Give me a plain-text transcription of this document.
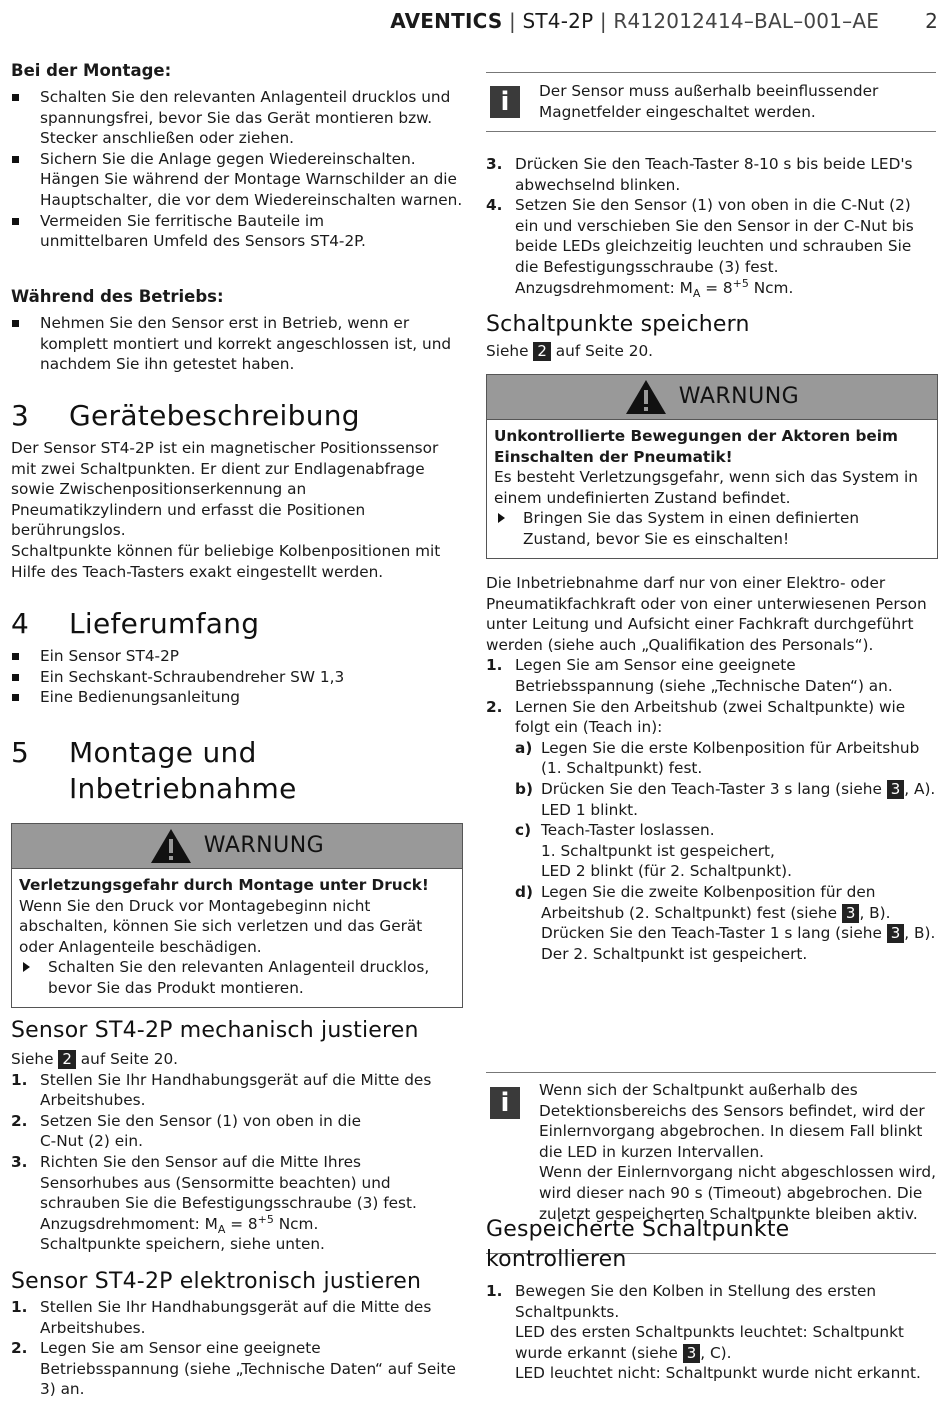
AVENTICS | ST4-2P | R412012414–BAL–001–AE 2
Bei der Montage:
Schalten Sie den relevanten Anlagenteil drucklos und spannungsfrei, bevor Sie das Gerät montieren bzw. Stecker anschließen oder ziehen.
Sichern Sie die Anlage gegen Wiedereinschalten. Hängen Sie während der Montage Warnschilder an die Hauptschalter, die vor dem Wiedereinschalten warnen.
Vermeiden Sie ferritische Bauteile im unmittelbaren Umfeld des Sensors ST4-2P.
Während des Betriebs:
Nehmen Sie den Sensor erst in Betrieb, wenn er komplett montiert und korrekt angeschlossen ist, und nachdem Sie ihn getestet haben.
3 Gerätebeschreibung
Der Sensor ST4-2P ist ein magnetischer Positionssensor mit zwei Schaltpunkten. Er dient zur Endlagenabfrage sowie Zwischenpositionserkennung an Pneumatikzylindern und erfasst die Positionen berührungslos.
Schaltpunkte können für beliebige Kolbenpositionen mit Hilfe des Teach-Tasters exakt eingestellt werden.
4 Lieferumfang
Ein Sensor ST4-2P
Ein Sechskant-Schraubendreher SW 1,3
Eine Bedienungsanleitung
5 Montage und
Inbetriebnahme
WARNUNG
Verletzungsgefahr durch Montage unter Druck!
Wenn Sie den Druck vor Montagebeginn nicht abschalten, können Sie sich verletzen und das Gerät oder Anlagenteile beschädigen.
Schalten Sie den relevanten Anlagenteil drucklos, bevor Sie das Produkt montieren.
Sensor ST4-2P mechanisch justieren
Siehe 2 auf Seite 20.
1. Stellen Sie Ihr Handhabungsgerät auf die Mitte des Arbeitshubes.
2. Setzen Sie den Sensor (1) von oben in die C-Nut (2) ein.
3. Richten Sie den Sensor auf die Mitte Ihres Sensorhubes aus (Sensormitte beachten) und schrauben Sie die Befestigungsschraube (3) fest.
Anzugsdrehmoment: $M_A = 8^{+5}$ Ncm.
Schaltpunkte speichern, siehe unten.
Sensor ST4-2P elektronisch justieren
1. Stellen Sie Ihr Handhabungsgerät auf die Mitte des Arbeitshubes.
2. Legen Sie am Sensor eine geeignete Betriebsspannung (siehe „Technische Daten“ auf Seite 3) an.
i	Der Sensor muss außerhalb beeinflussender Magnetfelder eingeschaltet werden.
3. Drücken Sie den Teach-Taster 8-10 s bis beide LED's abwechselnd blinken.
4. Setzen Sie den Sensor (1) von oben in die C-Nut (2) ein und verschieben Sie den Sensor in der C-Nut bis beide LEDs gleichzeitig leuchten und schrauben Sie die Befestigungsschraube (3) fest.
Anzugsdrehmoment: $M_A = 8^{+5}$ Ncm.
Schaltpunkte speichern
Siehe 2 auf Seite 20.
WARNUNG
Unkontrollierte Bewegungen der Aktoren beim Einschalten der Pneumatik!
Es besteht Verletzungsgefahr, wenn sich das System in einem undefinierten Zustand befindet.
Bringen Sie das System in einen definierten Zustand, bevor Sie es einschalten!
Die Inbetriebnahme darf nur von einer Elektro- oder Pneumatikfachkraft oder von einer unterwiesenen Person unter Leitung und Aufsicht einer Fachkraft durchgeführt werden (siehe auch „Qualifikation des Personals“).
1. Legen Sie am Sensor eine geeignete Betriebsspannung (siehe „Technische Daten“) an.
2. Lernen Sie den Arbeitshub (zwei Schaltpunkte) wie folgt ein (Teach in):
a) Legen Sie die erste Kolbenposition für Arbeitshub (1. Schaltpunkt) fest.
b) Drücken Sie den Teach-Taster 3 s lang (siehe 3 , A).
LED 1 blinkt.
c) Teach-Taster loslassen.
1. Schaltpunkt ist gespeichert,
LED 2 blinkt (für 2. Schaltpunkt).
d) Legen Sie die zweite Kolbenposition für den Arbeitshub (2. Schaltpunkt) fest (siehe 3 , B).
Drücken Sie den Teach-Taster 1 s lang (siehe 3 , B).
Der 2. Schaltpunkt ist gespeichert.
i	Wenn sich der Schaltpunkt außerhalb des Detektionsbereichs des Sensors befindet, wird der Einlernvorgang abgebrochen. In diesem Fall blinkt die LED in kurzen Intervallen.
Wenn der Einlernvorgang nicht abgeschlossen wird, wird dieser nach 90 s (Timeout) abgebrochen. Die zuletzt gespeicherten Schaltpunkte bleiben aktiv.
Gespeicherte Schaltpunkte
kontrollieren
1. Bewegen Sie den Kolben in Stellung des ersten Schaltpunkts.
LED des ersten Schaltpunkts leuchtet: Schaltpunkt wurde erkannt (siehe 3 , C).
LED leuchtet nicht: Schaltpunkt wurde nicht erkannt.
